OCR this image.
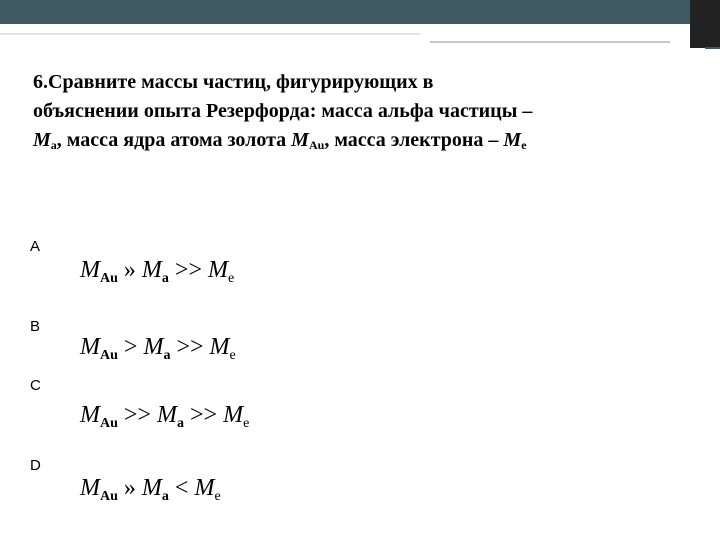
6.Сравните массы частиц, фигурирующих в
объяснении опыта Резерфорда: масса альфа частицы –
$М_a$, масса ядра атома золота $М_{Au}$, масса электрона – $М_e$
A
$M_{Au}$ » $M_a >> M_e$
B
$M_{Au} > M_a >> M_e$
C
$M_{Au} >> M_a >> M_e$
D
$M_{Au}$ » $M_a < M_e$
